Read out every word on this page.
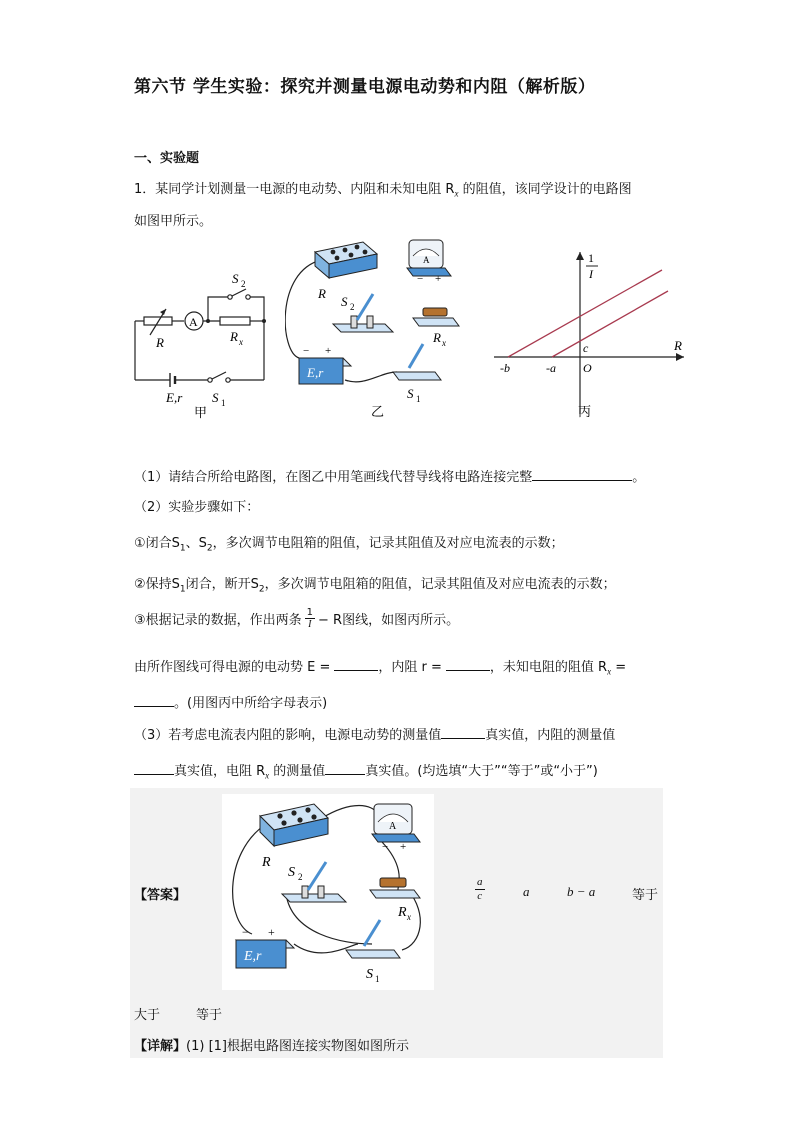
第六节 学生实验：探究并测量电源电动势和内阻（解析版）
一、实验题
1．某同学计划测量一电源的电动势、内阻和未知电阻 $R_x$ 的阻值，该同学设计的电路图
如图甲所示。
S 2
A
R	R x
E,r S 1
甲
R
A
− +
S 2
R x
− +
E,r
S 1
乙
1
I
R
-b	-a
c
O
丙
（1）请结合所给电路图，在图乙中用笔画线代替导线将电路连接完整	。
（2）实验步骤如下：
①闭合$S_1$、$S_2$，多次调节电阻箱的阻值，记录其阻值及对应电流表的示数；
②保持$S_1$闭合，断开$S_2$，多次调节电阻箱的阻值，记录其阻值及对应电流表的示数；
③根据记录的数据，作出两条
1
I − R图线，如图丙所示。
由所作图线可得电源的电动势 E =	，内阻 r =	，未知电阻的阻值 $R_x$ =
。(用图丙中所给字母表示)
（3）若考虑电流表内阻的影响，电源电动势的测量值	真实值，内阻的测量值
真实值，电阻 $R_x$ 的测量值	真实值。(均选填“大于”“等于”或“小于”)
【答案】
R
A
− +
S 2
R x
− +
E,r
S 1
a
c	a	b − a	等于
大于	等于
【详解】(1) [1]根据电路图连接实物图如图所示
